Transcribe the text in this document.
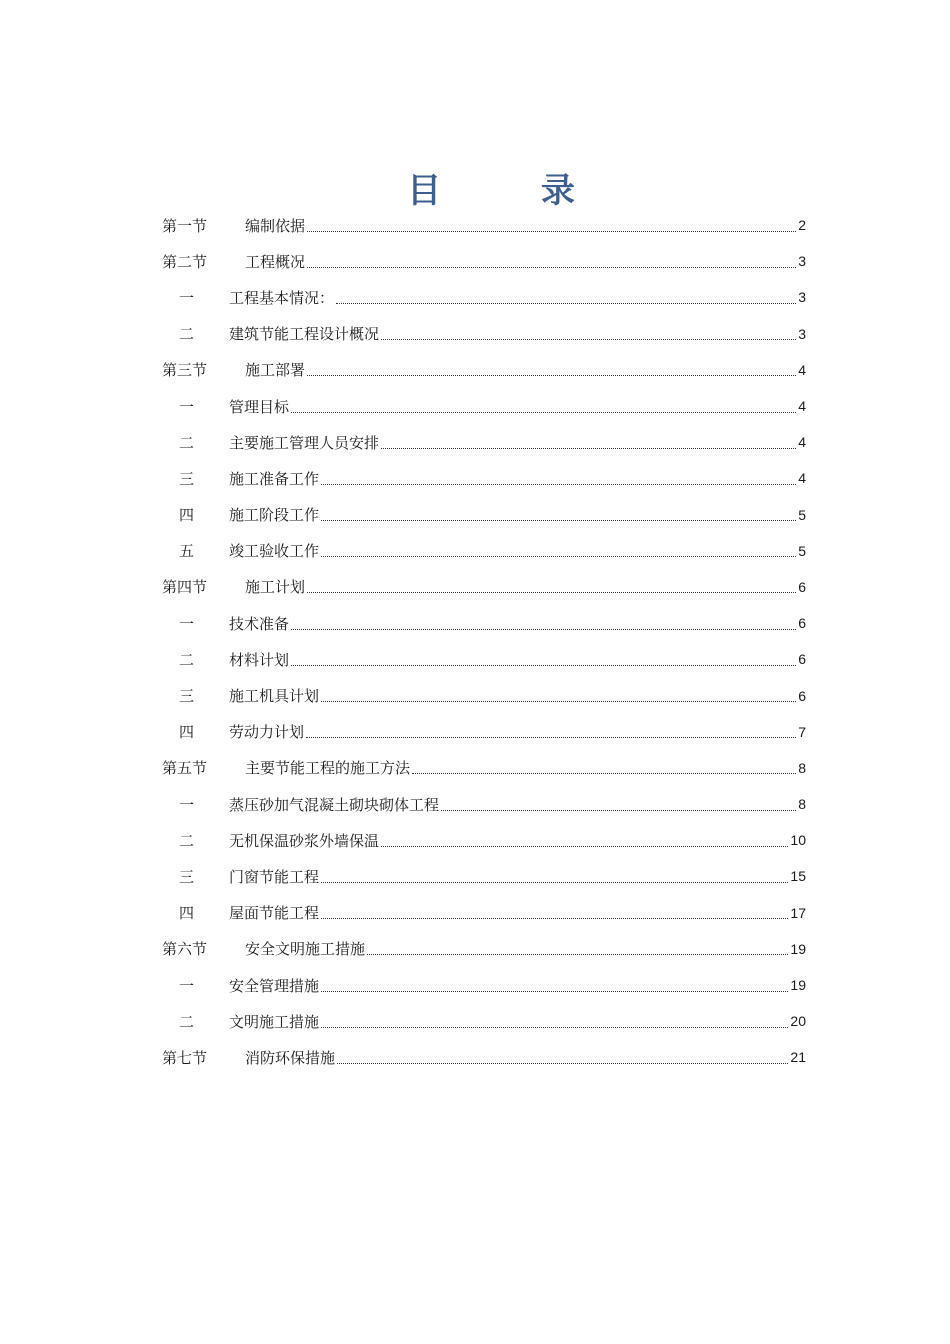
目 录
第一节	编制依据	2
第二节	工程概况	3
一	工程基本情况：	3
二	建筑节能工程设计概况	3
第三节	施工部署	4
一	管理目标	4
二	主要施工管理人员安排	4
三	施工准备工作	4
四	施工阶段工作	5
五	竣工验收工作	5
第四节	施工计划	6
一	技术准备	6
二	材料计划	6
三	施工机具计划	6
四	劳动力计划	7
第五节	主要节能工程的施工方法	8
一	蒸压砂加气混凝土砌块砌体工程	8
二	无机保温砂浆外墙保温	10
三	门窗节能工程	15
四	屋面节能工程	17
第六节	安全文明施工措施	19
一	安全管理措施	19
二	文明施工措施	20
第七节	消防环保措施	21
